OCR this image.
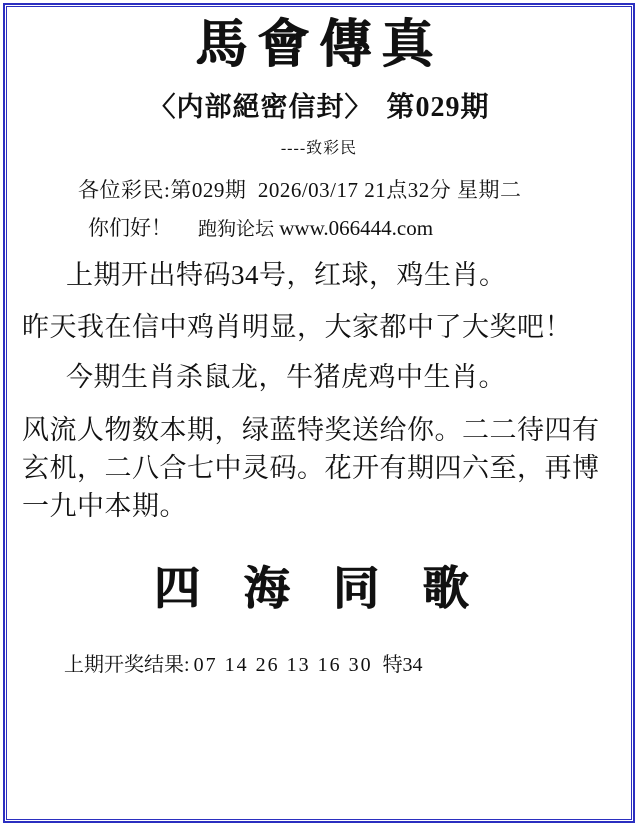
馬會傳真
〈内部絕密信封〉 第029期
----致彩民
各位彩民:第029期 2026/03/17 21点32分 星期二
你们好！ 跑狗论坛 www.066444.com
上期开出特码34号，红球，鸡生肖。
昨天我在信中鸡肖明显，大家都中了大奖吧！
今期生肖杀鼠龙，牛猪虎鸡中生肖。
风流人物数本期，绿蓝特奖送给你。二二待四有玄机，二八合七中灵码。花开有期四六至，再博一九中本期。
四 海 同 歌
上期开奖结果: 07 14 26 13 16 30 特34
